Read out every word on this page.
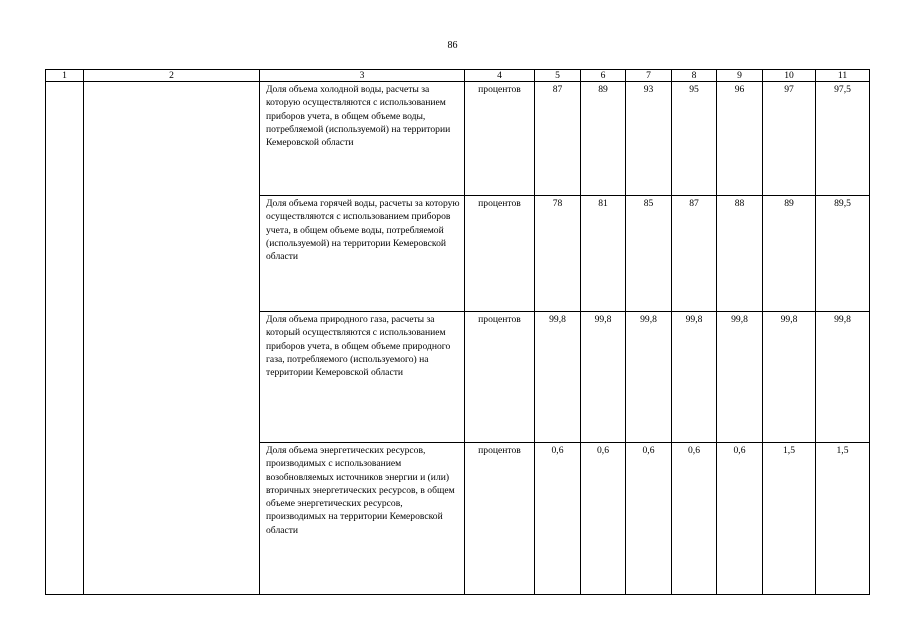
86
1	2	3	4	5	6	7	8	9	10	11
		Доля объема холодной воды, расчеты за которую осуществляются с использованием приборов учета, в общем объеме воды, потребляемой (используемой) на территории Кемеровской области	процентов	87	89	93	95	96	97	97,5
		Доля объема горячей воды, расчеты за которую осуществляются с использованием приборов учета, в общем объеме воды, потребляемой (используемой) на территории Кемеровской области	процентов	78	81	85	87	88	89	89,5
		Доля объема природного газа, расчеты за который осуществляются с использованием приборов учета, в общем объеме природного газа, потребляемого (используемого) на территории Кемеровской области	процентов	99,8	99,8	99,8	99,8	99,8	99,8	99,8
		Доля объема энергетических ресурсов, производимых с использованием возобновляемых источников энергии и (или) вторичных энергетических ресурсов, в общем объеме энергетических ресурсов, производимых на территории Кемеровской области	процентов	0,6	0,6	0,6	0,6	0,6	1,5	1,5
